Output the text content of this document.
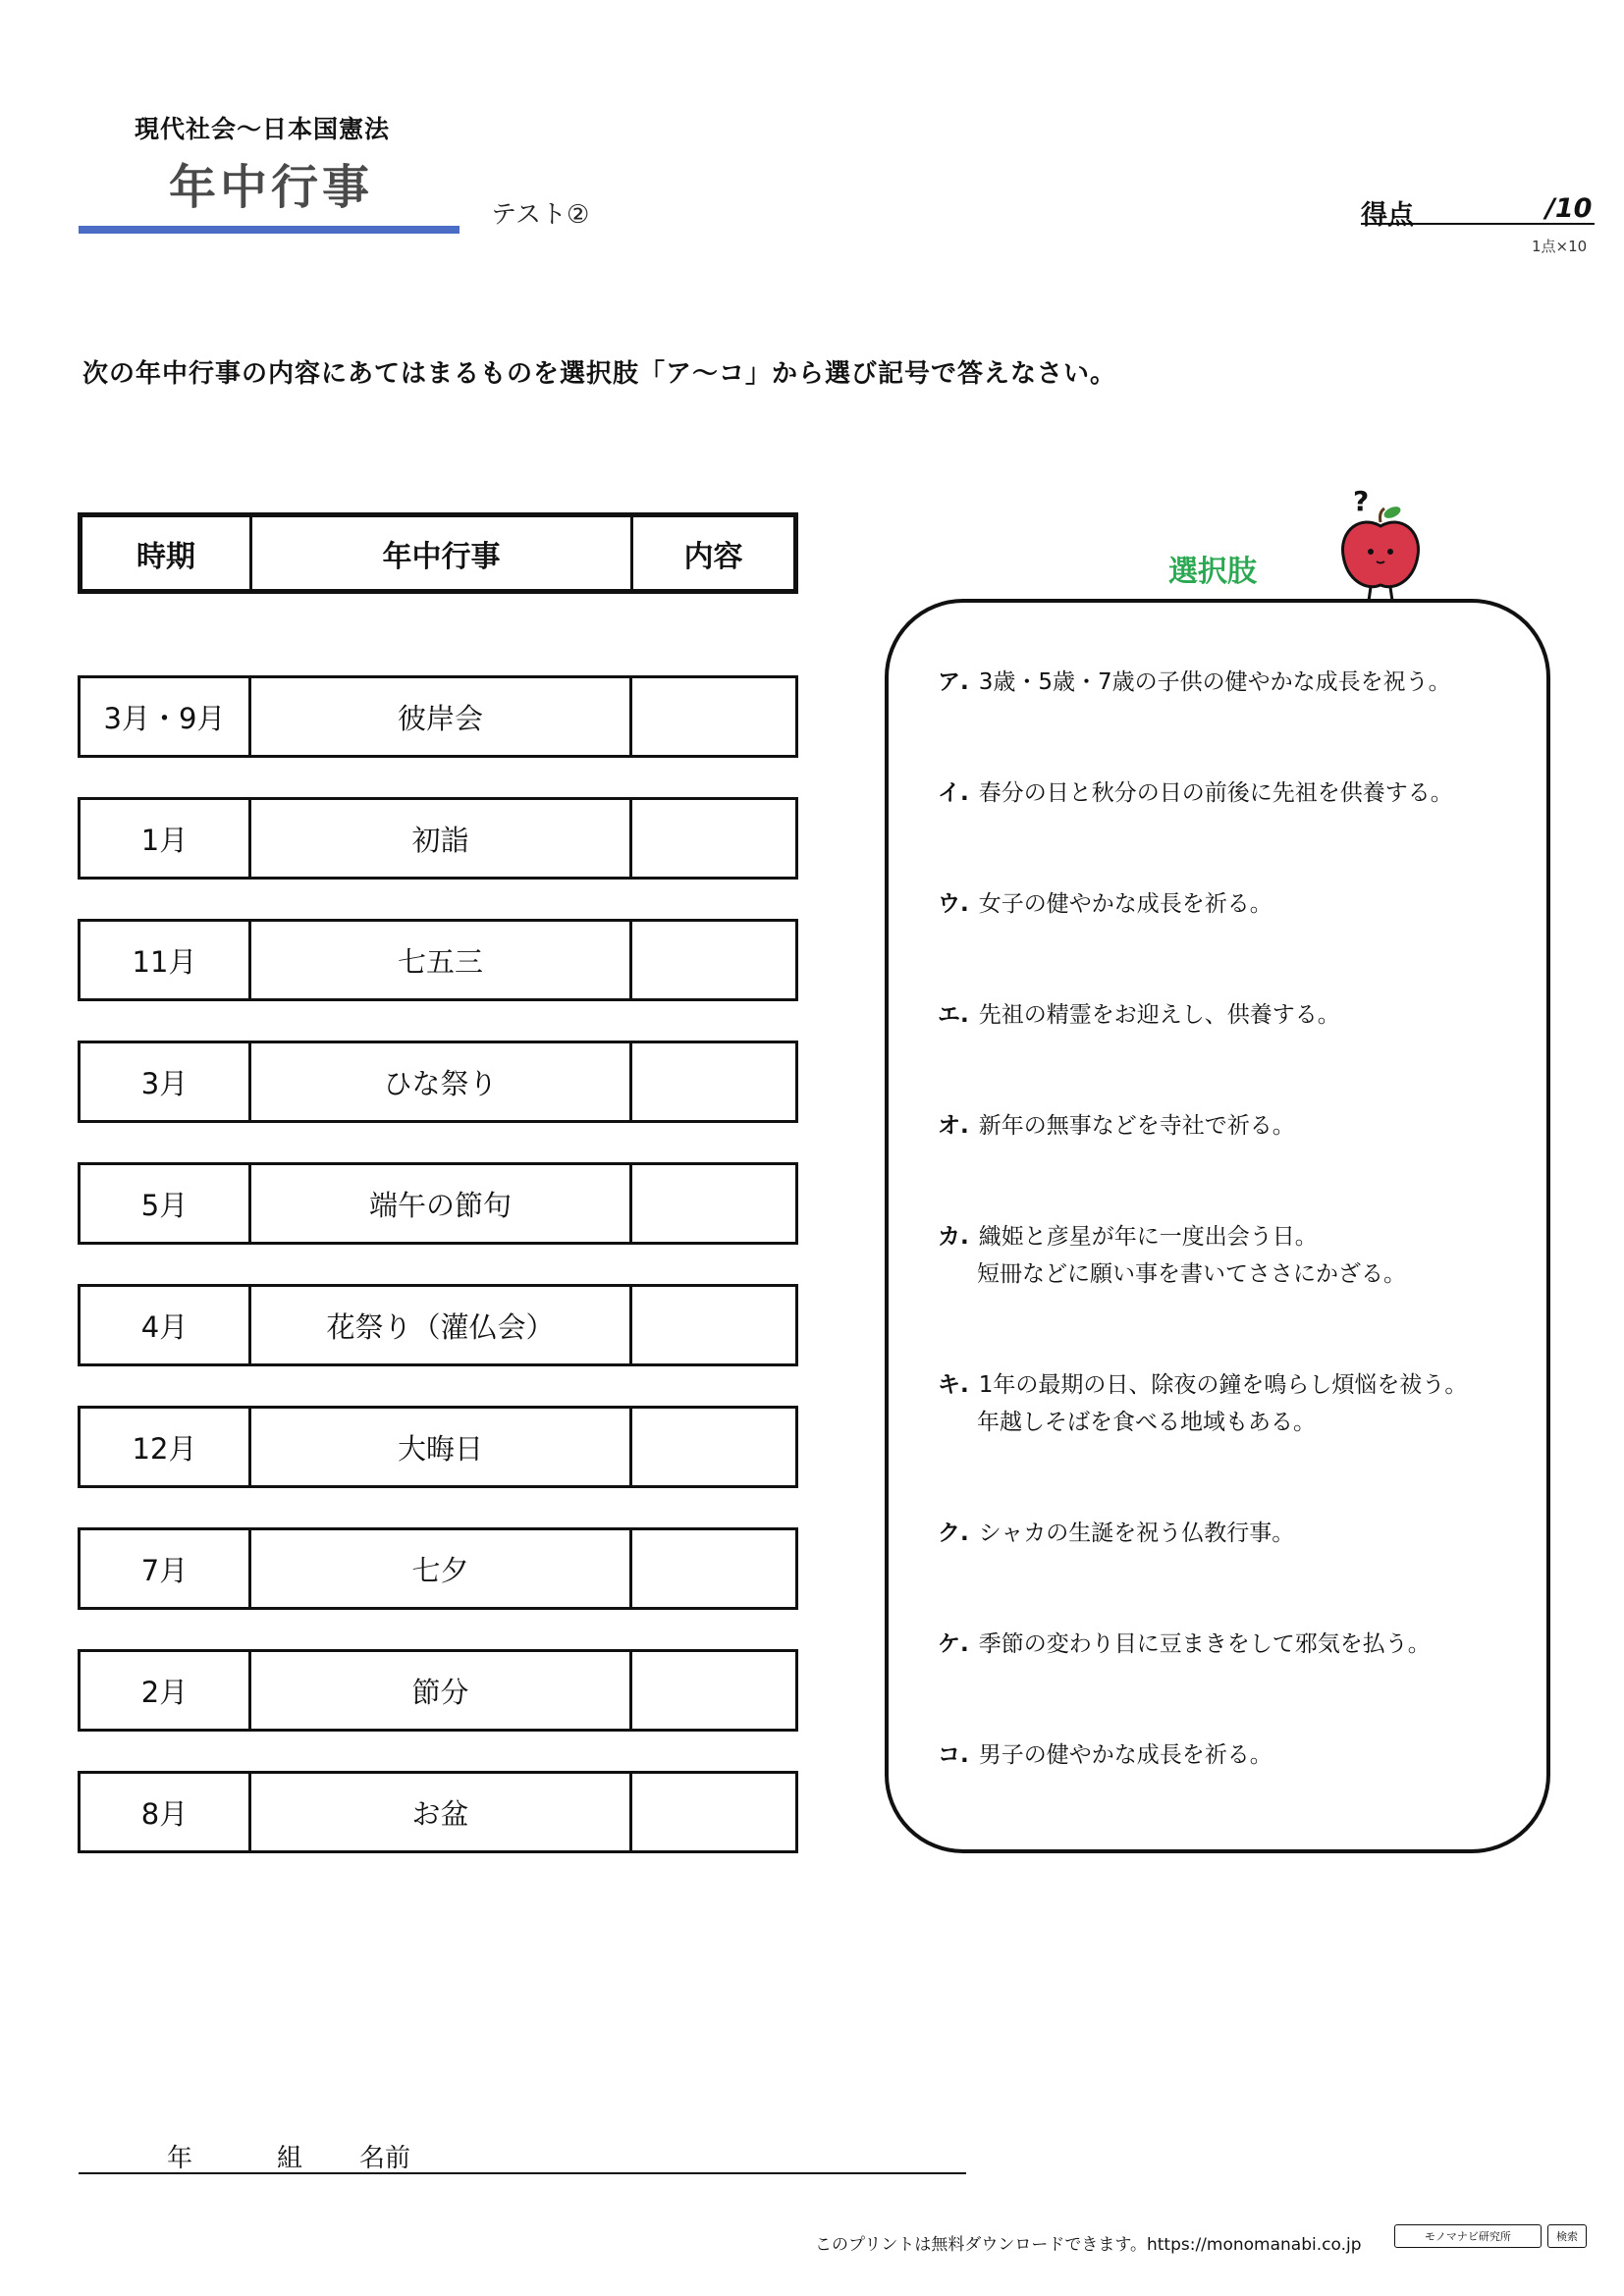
現代社会〜日本国憲法
年中行事	テスト②	得点	/10
1点×10
次の年中行事の内容にあてはまるものを選択肢「ア〜コ」から選び記号で答えなさい。
時期	年中行事	内容
3月・9月	彼岸会
1月	初詣
11月	七五三
3月	ひな祭り
5月	端午の節句
4月	花祭り（灌仏会）
12月	大晦日
7月	七夕
2月	節分
8月	お盆
選択肢
?
ア. 3歳・5歳・7歳の子供の健やかな成長を祝う。
イ. 春分の日と秋分の日の前後に先祖を供養する。
ウ. 女子の健やかな成長を祈る。
エ. 先祖の精霊をお迎えし、供養する。
オ. 新年の無事などを寺社で祈る。
カ. 織姫と彦星が年に一度出会う日。
短冊などに願い事を書いてささにかざる。
キ. 1年の最期の日、除夜の鐘を鳴らし煩悩を祓う。
年越しそばを食べる地域もある。
ク. シャカの生誕を祝う仏教行事。
ケ. 季節の変わり目に豆まきをして邪気を払う。
コ. 男子の健やかな成長を祈る。
年	組 名前
このプリントは無料ダウンロードできます。https://monomanabi.co.jp	モノマナビ研究所	検索
